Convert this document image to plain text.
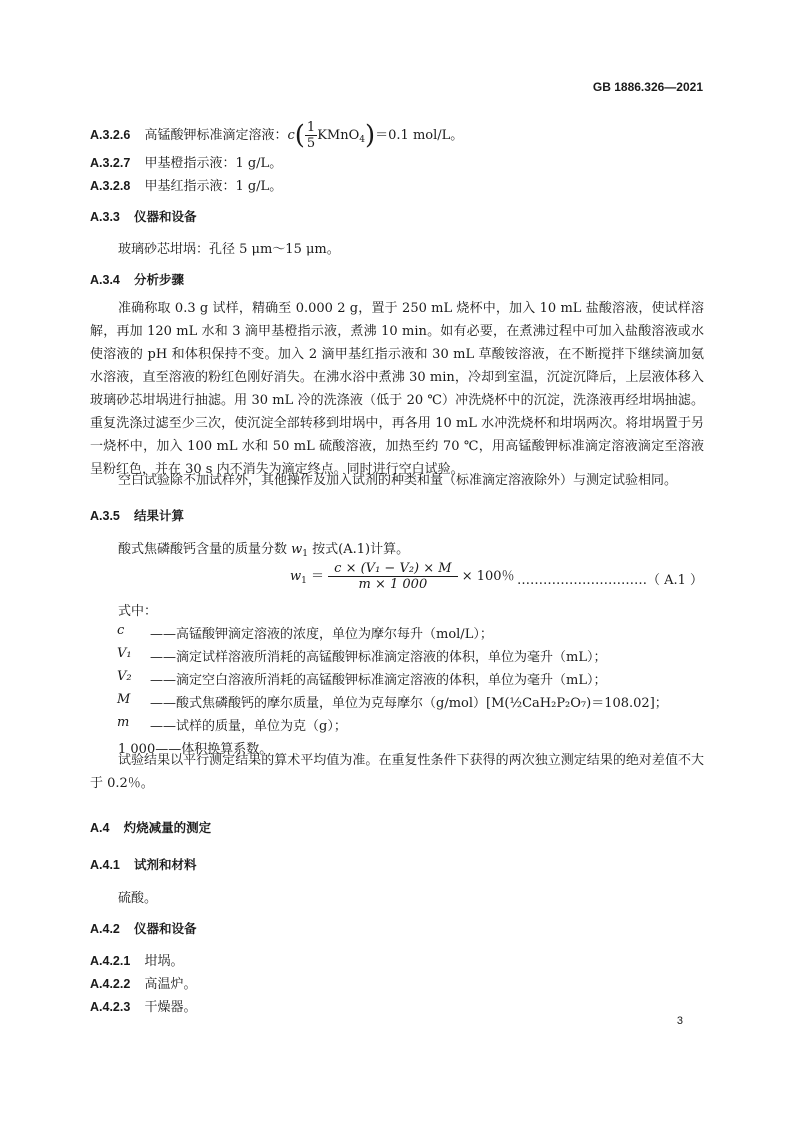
GB 1886.326—2021
A.3.2.6 高锰酸钾标准滴定溶液：$c( \frac{1}{5}$ KMnO$_4$)＝0.1 mol/L。
A.3.2.7 甲基橙指示液：1 g/L。
A.3.2.8 甲基红指示液：1 g/L。
A.3.3 仪器和设备
玻璃砂芯坩埚：孔径 5 μm～15 μm。
A.3.4 分析步骤
准确称取 0.3 g 试样，精确至 0.000 2 g，置于 250 mL 烧杯中，加入 10 mL 盐酸溶液，使试样溶解，再加 120 mL 水和 3 滴甲基橙指示液，煮沸 10 min。如有必要，在煮沸过程中可加入盐酸溶液或水使溶液的 pH 和体积保持不变。加入 2 滴甲基红指示液和 30 mL 草酸铵溶液，在不断搅拌下继续滴加氨水溶液，直至溶液的粉红色刚好消失。在沸水浴中煮沸 30 min，冷却到室温，沉淀沉降后，上层液体移入玻璃砂芯坩埚进行抽滤。用 30 mL 冷的洗涤液（低于 20 ℃）冲洗烧杯中的沉淀，洗涤液再经坩埚抽滤。重复洗涤过滤至少三次，使沉淀全部转移到坩埚中，再各用 10 mL 水冲洗烧杯和坩埚两次。将坩埚置于另一烧杯中，加入 100 mL 水和 50 mL 硫酸溶液，加热至约 70 ℃，用高锰酸钾标准滴定溶液滴定至溶液呈粉红色，并在 30 s 内不消失为滴定终点。同时进行空白试验。
空白试验除不加试样外，其他操作及加入试剂的种类和量（标准滴定溶液除外）与测定试验相同。
A.3.5 结果计算
酸式焦磷酸钙含量的质量分数 $w_1$ 按式(A.1)计算。
$w_1 = \frac{\text{c × (V₁ − V₂) × M}}{m \times 1 000} \times 100$％ …………………………（ A.1 ）
式中：
c ——高锰酸钾滴定溶液的浓度，单位为摩尔每升（mol/L）；
V₁ ——滴定试样溶液所消耗的高锰酸钾标准滴定溶液的体积，单位为毫升（mL）；
V₂ ——滴定空白溶液所消耗的高锰酸钾标准滴定溶液的体积，单位为毫升（mL）；
M ——酸式焦磷酸钙的摩尔质量，单位为克每摩尔（g/mol）[M(½CaH₂P₂O₇)＝108.02]；
m ——试样的质量，单位为克（g）；
1 000——体积换算系数。
试验结果以平行测定结果的算术平均值为准。在重复性条件下获得的两次独立测定结果的绝对差值不大于 0.2％。
A.4 灼烧减量的测定
A.4.1 试剂和材料
硫酸。
A.4.2 仪器和设备
A.4.2.1 坩埚。
A.4.2.2 高温炉。
A.4.2.3 干燥器。
3
